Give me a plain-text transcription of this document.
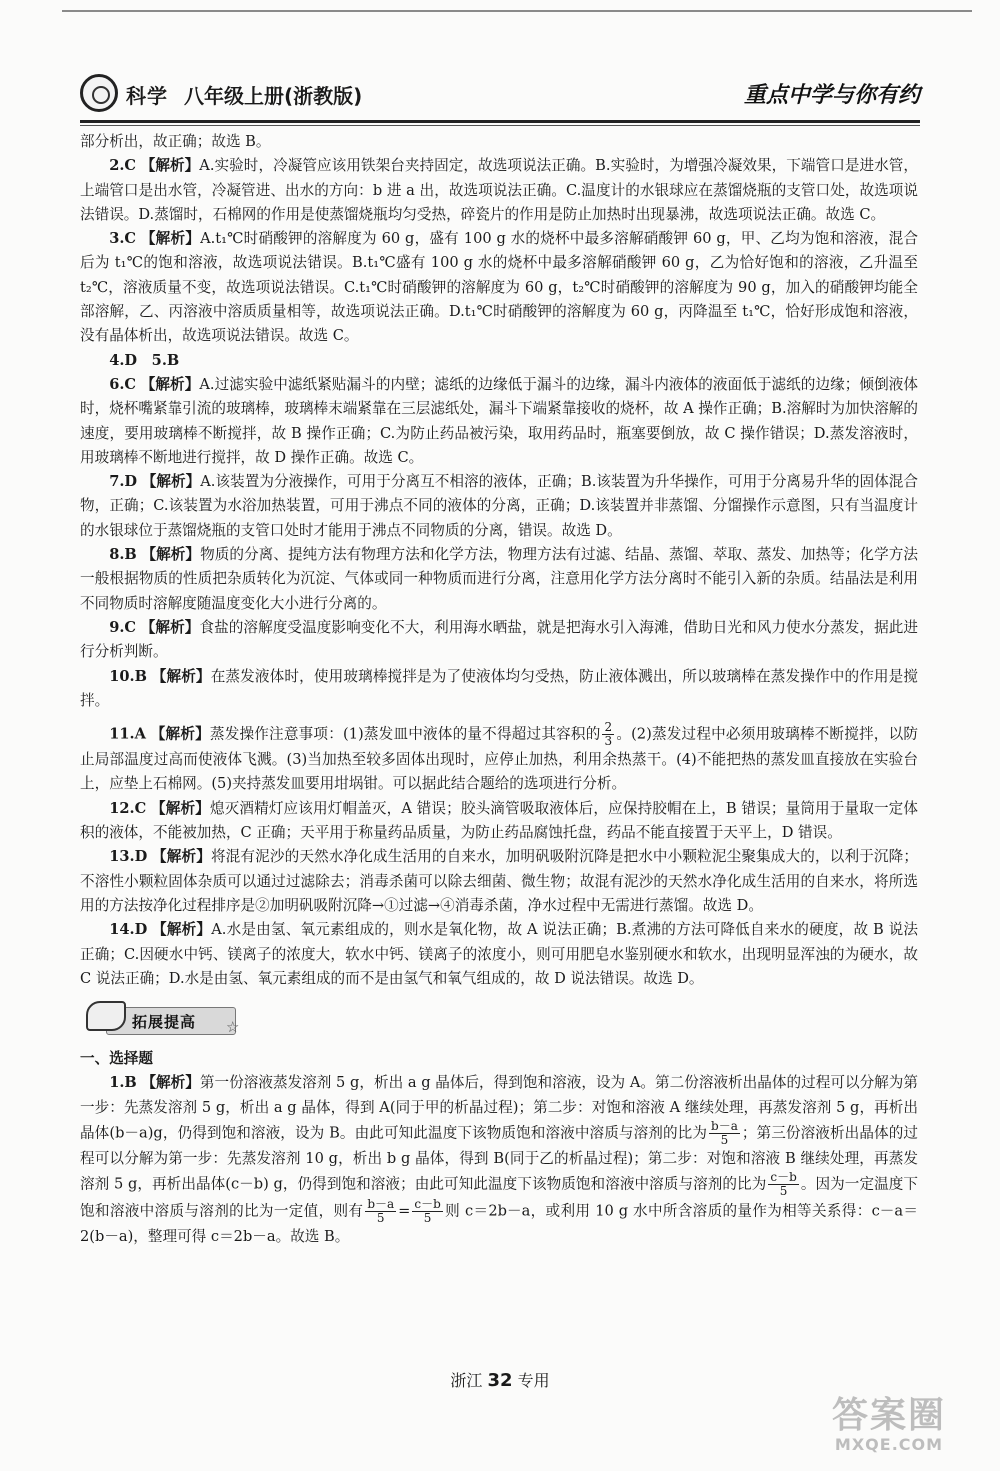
科学 八年级上册(浙教版)	重点中学与你有约

部分析出，故正确；故选 B。

2.C 【解析】A.实验时，冷凝管应该用铁架台夹持固定，故选项说法正确。B.实验时，为增强冷凝效果，下端管口是进水管，上端管口是出水管，冷凝管进、出水的方向：b 进 a 出，故选项说法正确。C.温度计的水银球应在蒸馏烧瓶的支管口处，故选项说法错误。D.蒸馏时，石棉网的作用是使蒸馏烧瓶均匀受热，碎瓷片的作用是防止加热时出现暴沸，故选项说法正确。故选 C。

3.C 【解析】A.t₁℃时硝酸钾的溶解度为 60 g，盛有 100 g 水的烧杯中最多溶解硝酸钾 60 g，甲、乙均为饱和溶液，混合后为 t₁℃的饱和溶液，故选项说法错误。B.t₁℃盛有 100 g 水的烧杯中最多溶解硝酸钾 60 g，乙为恰好饱和的溶液，乙升温至 t₂℃，溶液质量不变，故选项说法错误。C.t₁℃时硝酸钾的溶解度为 60 g，t₂℃时硝酸钾的溶解度为 90 g，加入的硝酸钾均能全部溶解，乙、丙溶液中溶质质量相等，故选项说法正确。D.t₁℃时硝酸钾的溶解度为 60 g，丙降温至 t₁℃，恰好形成饱和溶液，没有晶体析出，故选项说法错误。故选 C。

4.D　5.B

6.C 【解析】A.过滤实验中滤纸紧贴漏斗的内壁；滤纸的边缘低于漏斗的边缘，漏斗内液体的液面低于滤纸的边缘；倾倒液体时，烧杯嘴紧靠引流的玻璃棒，玻璃棒末端紧靠在三层滤纸处，漏斗下端紧靠接收的烧杯，故 A 操作正确；B.溶解时为加快溶解的速度，要用玻璃棒不断搅拌，故 B 操作正确；C.为防止药品被污染，取用药品时，瓶塞要倒放，故 C 操作错误；D.蒸发溶液时，用玻璃棒不断地进行搅拌，故 D 操作正确。故选 C。

7.D 【解析】A.该装置为分液操作，可用于分离互不相溶的液体，正确；B.该装置为升华操作，可用于分离易升华的固体混合物，正确；C.该装置为水浴加热装置，可用于沸点不同的液体的分离，正确；D.该装置并非蒸馏、分馏操作示意图，只有当温度计的水银球位于蒸馏烧瓶的支管口处时才能用于沸点不同物质的分离，错误。故选 D。

8.B 【解析】物质的分离、提纯方法有物理方法和化学方法，物理方法有过滤、结晶、蒸馏、萃取、蒸发、加热等；化学方法一般根据物质的性质把杂质转化为沉淀、气体或同一种物质而进行分离，注意用化学方法分离时不能引入新的杂质。结晶法是利用不同物质时溶解度随温度变化大小进行分离的。

9.C 【解析】食盐的溶解度受温度影响变化不大，利用海水晒盐，就是把海水引入海滩，借助日光和风力使水分蒸发，据此进行分析判断。

10.B 【解析】在蒸发液体时，使用玻璃棒搅拌是为了使液体均匀受热，防止液体溅出，所以玻璃棒在蒸发操作中的作用是搅拌。

11.A 【解析】蒸发操作注意事项：(1)蒸发皿中液体的量不得超过其容积的 $\frac{2}{3}$ 。(2)蒸发过程中必须用玻璃棒不断搅拌，以防止局部温度过高而使液体飞溅。(3)当加热至较多固体出现时，应停止加热，利用余热蒸干。(4)不能把热的蒸发皿直接放在实验台上，应垫上石棉网。(5)夹持蒸发皿要用坩埚钳。可以据此结合题给的选项进行分析。

12.C 【解析】熄灭酒精灯应该用灯帽盖灭，A 错误；胶头滴管吸取液体后，应保持胶帽在上，B 错误；量筒用于量取一定体积的液体，不能被加热，C 正确；天平用于称量药品质量，为防止药品腐蚀托盘，药品不能直接置于天平上，D 错误。

13.D 【解析】将混有泥沙的天然水净化成生活用的自来水，加明矾吸附沉降是把水中小颗粒泥尘聚集成大的，以利于沉降；不溶性小颗粒固体杂质可以通过过滤除去；消毒杀菌可以除去细菌、微生物；故混有泥沙的天然水净化成生活用的自来水，将所选用的方法按净化过程排序是②加明矾吸附沉降→①过滤→④消毒杀菌，净水过程中无需进行蒸馏。故选 D。

14.D 【解析】A.水是由氢、氧元素组成的，则水是氧化物，故 A 说法正确；B.煮沸的方法可降低自来水的硬度，故 B 说法正确；C.因硬水中钙、镁离子的浓度大，软水中钙、镁离子的浓度小，则可用肥皂水鉴别硬水和软水，出现明显浑浊的为硬水，故 C 说法正确；D.水是由氢、氧元素组成的而不是由氢气和氧气组成的，故 D 说法错误。故选 D。

拓展提高 ☆

一、选择题

1.B 【解析】第一份溶液蒸发溶剂 5 g，析出 a g 晶体后，得到饱和溶液，设为 A。第二份溶液析出晶体的过程可以分解为第一步：先蒸发溶剂 5 g，析出 a g 晶体，得到 A(同于甲的析晶过程)；第二步：对饱和溶液 A 继续处理，再蒸发溶剂 5 g，再析出晶体(b－a)g，仍得到饱和溶液，设为 B。由此可知此温度下该物质饱和溶液中溶质与溶剂的比为 $\frac{b-a}{5}$ ；第三份溶液析出晶体的过程可以分解为第一步：先蒸发溶剂 10 g，析出 b g 晶体，得到 B(同于乙的析晶过程)；第二步：对饱和溶液 B 继续处理，再蒸发溶剂 5 g，再析出晶体(c－b) g，仍得到饱和溶液；由此可知此温度下该物质饱和溶液中溶质与溶剂的比为 $\frac{c-b}{5}$ 。因为一定温度下饱和溶液中溶质与溶剂的比为一定值，则有 $\frac{b-a}{5} = \frac{c-b}{5}$ 则 c＝2b－a，或利用 10 g 水中所含溶质的量作为相等关系得：c－a＝2(b－a)，整理可得 c＝2b－a。故选 B。

浙江 32 专用
答案圈
MXQE.COM
